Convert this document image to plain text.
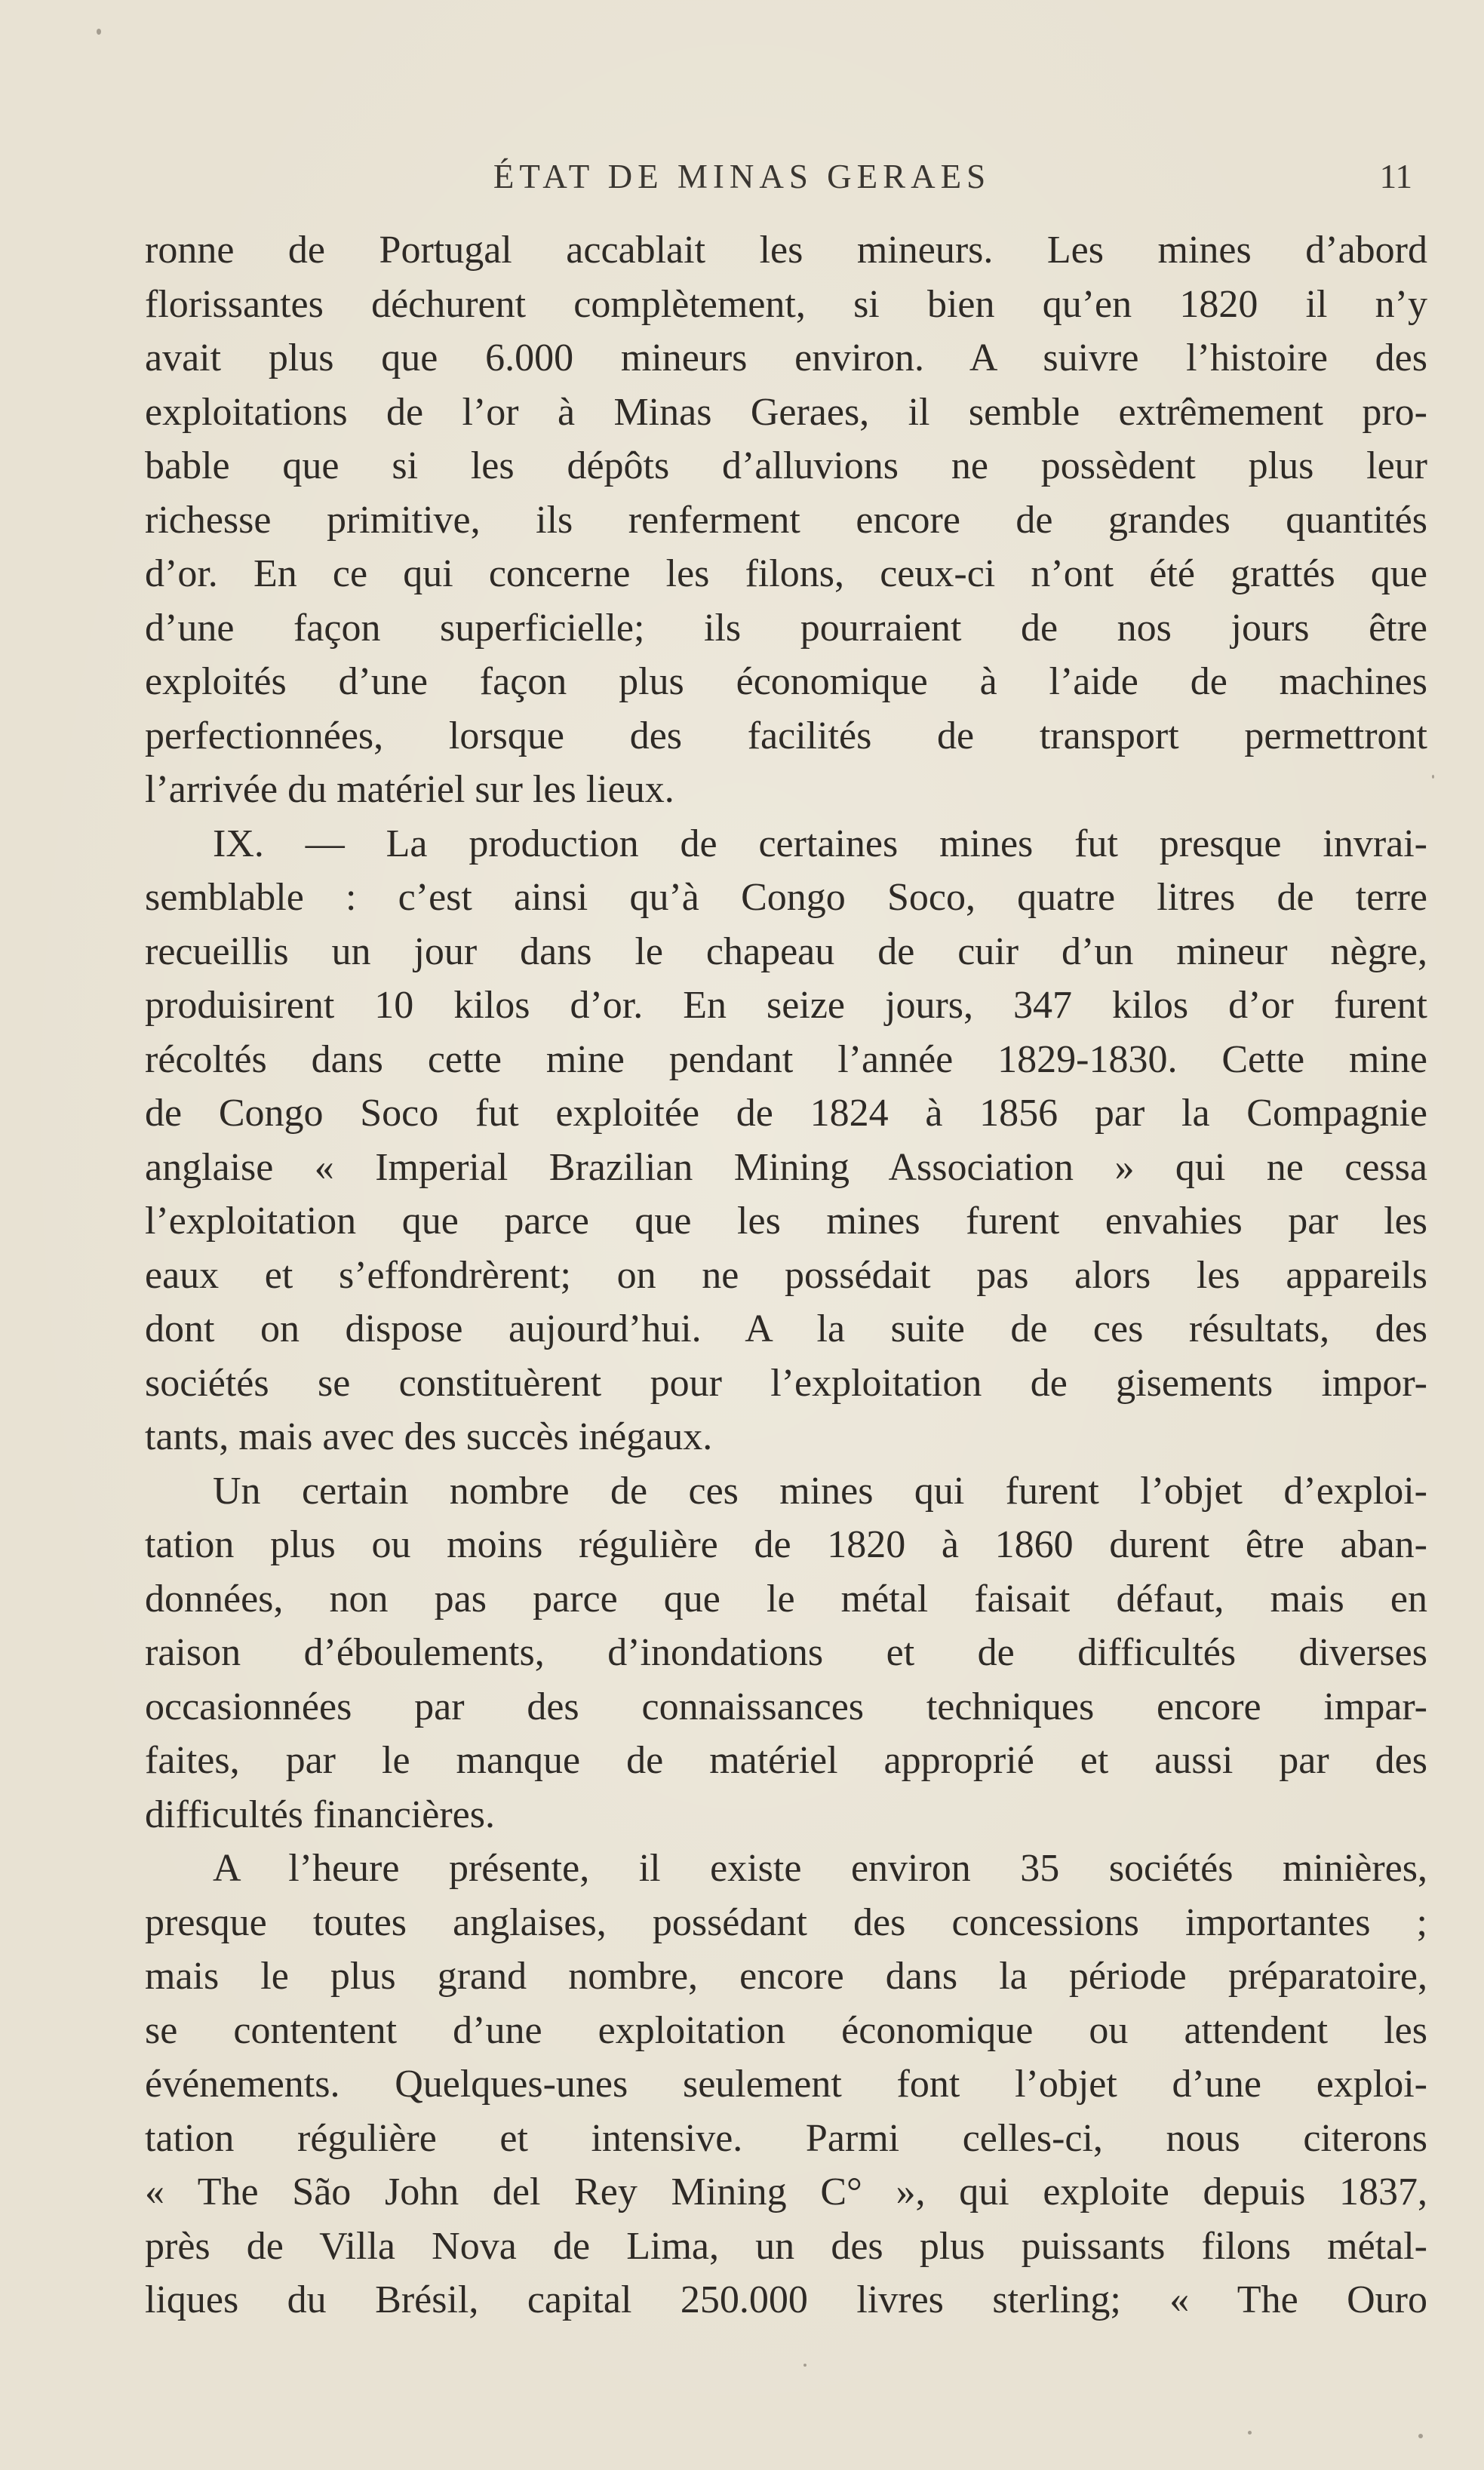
ÉTAT DE MINAS GERAES	11
ronne de Portugal accablait les mineurs. Les mines d’abord
florissantes déchurent complètement, si bien qu’en 1820 il n’y
avait plus que 6.000 mineurs environ. A suivre l’histoire des
exploitations de l’or à Minas Geraes, il semble extrêmement pro-
bable que si les dépôts d’alluvions ne possèdent plus leur
richesse primitive, ils renferment encore de grandes quantités
d’or. En ce qui concerne les filons, ceux-ci n’ont été grattés que
d’une façon superficielle; ils pourraient de nos jours être
exploités d’une façon plus économique à l’aide de machines
perfectionnées, lorsque des facilités de transport permettront
l’arrivée du matériel sur les lieux.
IX. — La production de certaines mines fut presque invrai-
semblable : c’est ainsi qu’à Congo Soco, quatre litres de terre
recueillis un jour dans le chapeau de cuir d’un mineur nègre,
produisirent 10 kilos d’or. En seize jours, 347 kilos d’or furent
récoltés dans cette mine pendant l’année 1829-1830. Cette mine
de Congo Soco fut exploitée de 1824 à 1856 par la Compagnie
anglaise « Imperial Brazilian Mining Association » qui ne cessa
l’exploitation que parce que les mines furent envahies par les
eaux et s’effondrèrent; on ne possédait pas alors les appareils
dont on dispose aujourd’hui. A la suite de ces résultats, des
sociétés se constituèrent pour l’exploitation de gisements impor-
tants, mais avec des succès inégaux.
Un certain nombre de ces mines qui furent l’objet d’exploi-
tation plus ou moins régulière de 1820 à 1860 durent être aban-
données, non pas parce que le métal faisait défaut, mais en
raison d’éboulements, d’inondations et de difficultés diverses
occasionnées par des connaissances techniques encore impar-
faites, par le manque de matériel approprié et aussi par des
difficultés financières.
A l’heure présente, il existe environ 35 sociétés minières,
presque toutes anglaises, possédant des concessions importantes ;
mais le plus grand nombre, encore dans la période préparatoire,
se contentent d’une exploitation économique ou attendent les
événements. Quelques-unes seulement font l’objet d’une exploi-
tation régulière et intensive. Parmi celles-ci, nous citerons
« The São John del Rey Mining C° », qui exploite depuis 1837,
près de Villa Nova de Lima, un des plus puissants filons métal-
liques du Brésil, capital 250.000 livres sterling; « The Ouro
